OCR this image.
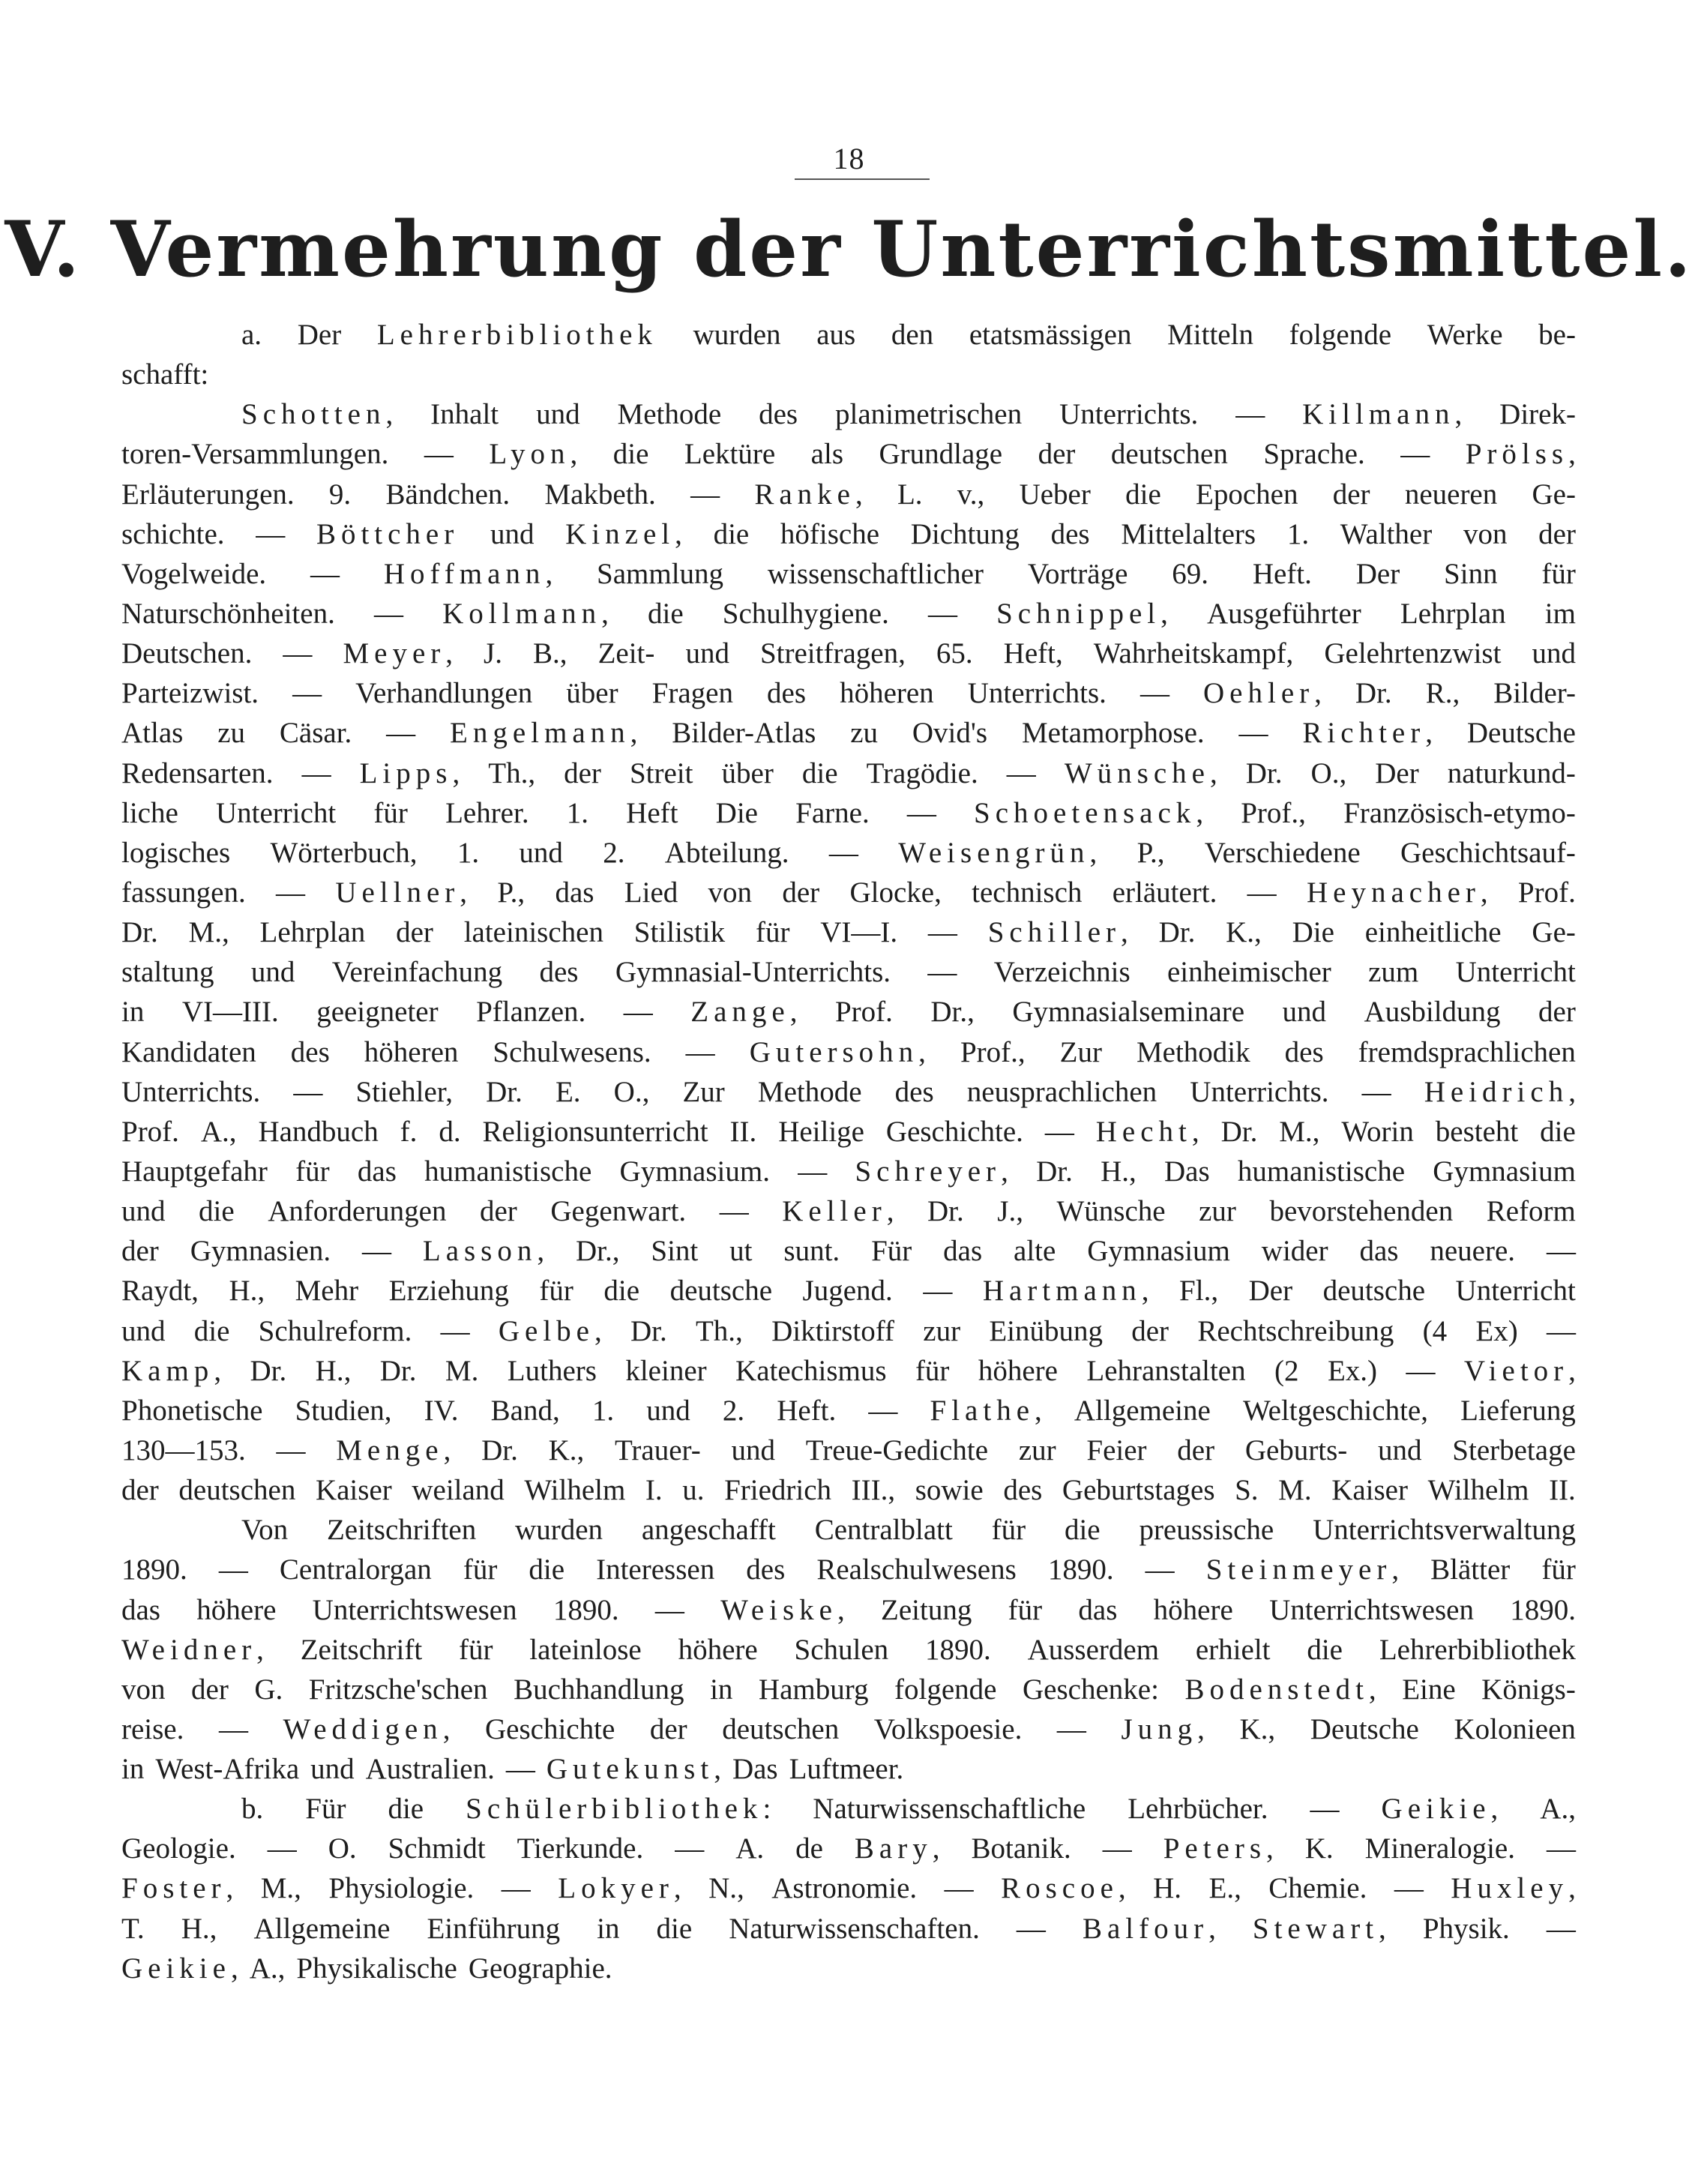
18
V. Vermehrung der Unterrichtsmittel.
a. Der Lehrerbibliothek wurden aus den etatsmässigen Mitteln folgende Werke be-
schafft:
Schotten, Inhalt und Methode des planimetrischen Unterrichts. — Killmann, Direk-
toren-Versammlungen. — Lyon, die Lektüre als Grundlage der deutschen Sprache. — Prölss,
Erläuterungen. 9. Bändchen. Makbeth. — Ranke, L. v., Ueber die Epochen der neueren Ge-
schichte. — Böttcher und Kinzel, die höfische Dichtung des Mittelalters 1. Walther von der
Vogelweide. — Hoffmann, Sammlung wissenschaftlicher Vorträge 69. Heft. Der Sinn für
Naturschönheiten. — Kollmann, die Schulhygiene. — Schnippel, Ausgeführter Lehrplan im
Deutschen. — Meyer, J. B., Zeit- und Streitfragen, 65. Heft, Wahrheitskampf, Gelehrtenzwist und
Parteizwist. — Verhandlungen über Fragen des höheren Unterrichts. — Oehler, Dr. R., Bilder-
Atlas zu Cäsar. — Engelmann, Bilder-Atlas zu Ovid's Metamorphose. — Richter, Deutsche
Redensarten. — Lipps, Th., der Streit über die Tragödie. — Wünsche, Dr. O., Der naturkund-
liche Unterricht für Lehrer. 1. Heft Die Farne. — Schoetensack, Prof., Französisch-etymo-
logisches Wörterbuch, 1. und 2. Abteilung. — Weisengrün, P., Verschiedene Geschichtsauf-
fassungen. — Uellner, P., das Lied von der Glocke, technisch erläutert. — Heynacher, Prof.
Dr. M., Lehrplan der lateinischen Stilistik für VI—I. — Schiller, Dr. K., Die einheitliche Ge-
staltung und Vereinfachung des Gymnasial-Unterrichts. — Verzeichnis einheimischer zum Unterricht
in VI—III. geeigneter Pflanzen. — Zange, Prof. Dr., Gymnasialseminare und Ausbildung der
Kandidaten des höheren Schulwesens. — Gutersohn, Prof., Zur Methodik des fremdsprachlichen
Unterrichts. — Stiehler, Dr. E. O., Zur Methode des neusprachlichen Unterrichts. — Heidrich,
Prof. A., Handbuch f. d. Religionsunterricht II. Heilige Geschichte. — Hecht, Dr. M., Worin besteht die
Hauptgefahr für das humanistische Gymnasium. — Schreyer, Dr. H., Das humanistische Gymnasium
und die Anforderungen der Gegenwart. — Keller, Dr. J., Wünsche zur bevorstehenden Reform
der Gymnasien. — Lasson, Dr., Sint ut sunt. Für das alte Gymnasium wider das neuere. —
Raydt, H., Mehr Erziehung für die deutsche Jugend. — Hartmann, Fl., Der deutsche Unterricht
und die Schulreform. — Gelbe, Dr. Th., Diktirstoff zur Einübung der Rechtschreibung (4 Ex) —
Kamp, Dr. H., Dr. M. Luthers kleiner Katechismus für höhere Lehranstalten (2 Ex.) — Vietor,
Phonetische Studien, IV. Band, 1. und 2. Heft. — Flathe, Allgemeine Weltgeschichte, Lieferung
130—153. — Menge, Dr. K., Trauer- und Treue-Gedichte zur Feier der Geburts- und Sterbetage
der deutschen Kaiser weiland Wilhelm I. u. Friedrich III., sowie des Geburtstages S. M. Kaiser Wilhelm II.
Von Zeitschriften wurden angeschafft Centralblatt für die preussische Unterrichtsverwaltung
1890. — Centralorgan für die Interessen des Realschulwesens 1890. — Steinmeyer, Blätter für
das höhere Unterrichtswesen 1890. — Weiske, Zeitung für das höhere Unterrichtswesen 1890.
Weidner, Zeitschrift für lateinlose höhere Schulen 1890. Ausserdem erhielt die Lehrerbibliothek
von der G. Fritzsche'schen Buchhandlung in Hamburg folgende Geschenke: Bodenstedt, Eine Königs-
reise. — Weddigen, Geschichte der deutschen Volkspoesie. — Jung, K., Deutsche Kolonieen
in West-Afrika und Australien. — Gutekunst, Das Luftmeer.
b. Für die Schülerbibliothek: Naturwissenschaftliche Lehrbücher. — Geikie, A.,
Geologie. — O. Schmidt Tierkunde. — A. de Bary, Botanik. — Peters, K. Mineralogie. —
Foster, M., Physiologie. — Lokyer, N., Astronomie. — Roscoe, H. E., Chemie. — Huxley,
T. H., Allgemeine Einführung in die Naturwissenschaften. — Balfour, Stewart, Physik. —
Geikie, A., Physikalische Geographie.
